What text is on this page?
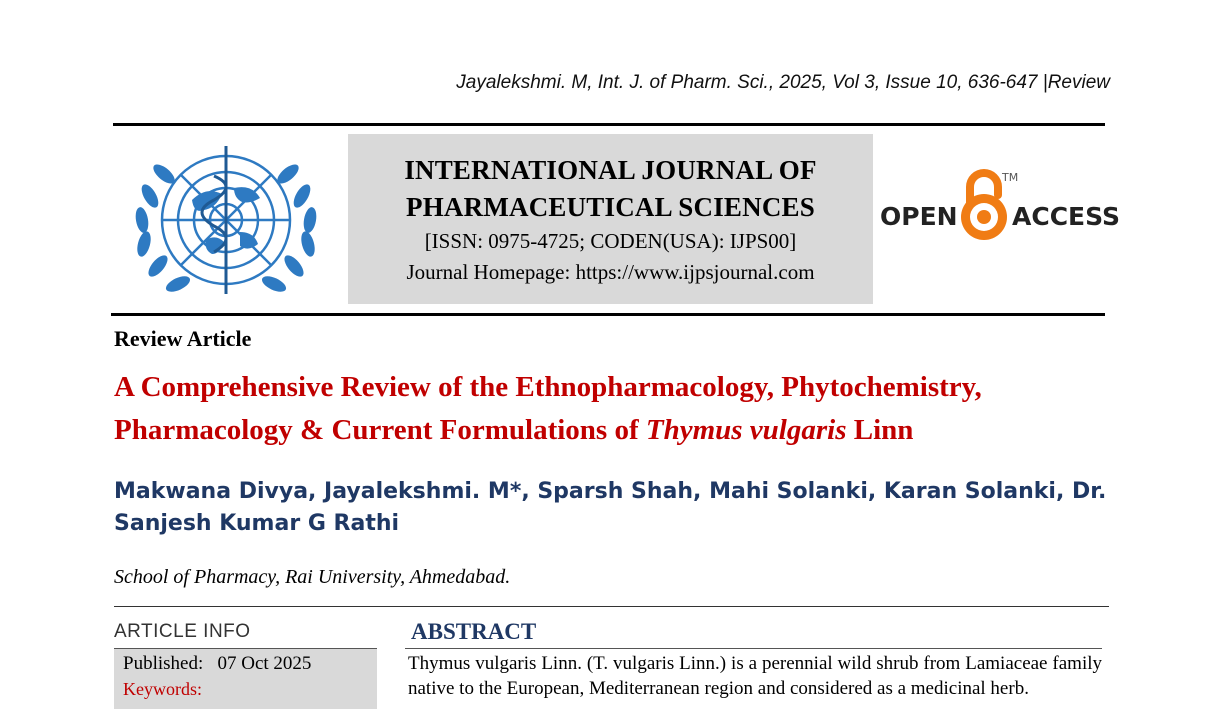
Jayalekshmi. M, Int. J. of Pharm. Sci., 2025, Vol 3, Issue 10, 636-647 |Review
INTERNATIONAL JOURNAL OF
PHARMACEUTICAL SCIENCES
[ISSN: 0975-4725; CODEN(USA): IJPS00]
Journal Homepage: https://www.ijpsjournal.com
OPEN
TM
ACCESS
Review Article
A Comprehensive Review of the Ethnopharmacology, Phytochemistry, Pharmacology & Current Formulations of Thymus vulgaris Linn
Makwana Divya, Jayalekshmi. M*, Sparsh Shah, Mahi Solanki, Karan Solanki, Dr. Sanjesh Kumar G Rathi
School of Pharmacy, Rai University, Ahmedabad.
ARTICLE INFO
Published: 07 Oct 2025
Keywords:
ABSTRACT
Thymus vulgaris Linn. (T. vulgaris Linn.) is a perennial wild shrub from Lamiaceae family native to the European, Mediterranean region and considered as a medicinal herb.
